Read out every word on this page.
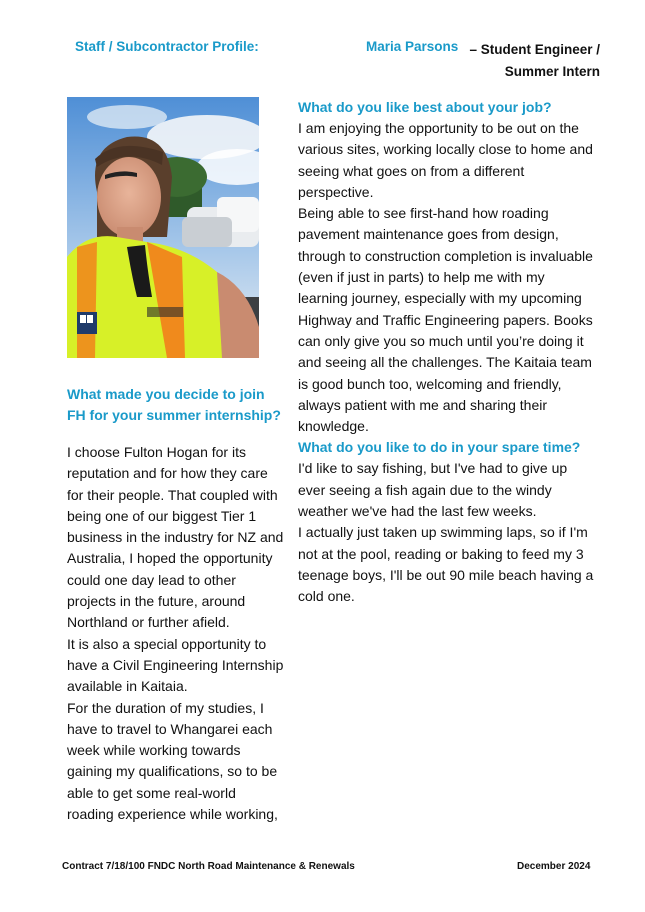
Staff / Subcontractor Profile:	Maria Parsons – Student Engineer / Summer Intern
What made you decide to join FH for your summer internship?
I choose Fulton Hogan for its reputation and for how they care for their people. That coupled with being one of our biggest Tier 1 business in the industry for NZ and Australia, I hoped the opportunity could one day lead to other projects in the future, around Northland or further afield.
It is also a special opportunity to have a Civil Engineering Internship available in Kaitaia.
For the duration of my studies, I have to travel to Whangarei each week while working towards gaining my qualifications, so to be able to get some real-world roading experience while working,
What do you like best about your job?
I am enjoying the opportunity to be out on the various sites, working locally close to home and seeing what goes on from a different perspective.
Being able to see first-hand how roading pavement maintenance goes from design, through to construction completion is invaluable (even if just in parts) to help me with my learning journey, especially with my upcoming Highway and Traffic Engineering papers. Books can only give you so much until you’re doing it and seeing all the challenges. The Kaitaia team is good bunch too, welcoming and friendly, always patient with me and sharing their knowledge.
What do you like to do in your spare time?
I'd like to say fishing, but I've had to give up ever seeing a fish again due to the windy weather we've had the last few weeks.
I actually just taken up swimming laps, so if I'm not at the pool, reading or baking to feed my 3 teenage boys, I'll be out 90 mile beach having a cold one.
Contract 7/18/100 FNDC North Road Maintenance & Renewals	December 2024
